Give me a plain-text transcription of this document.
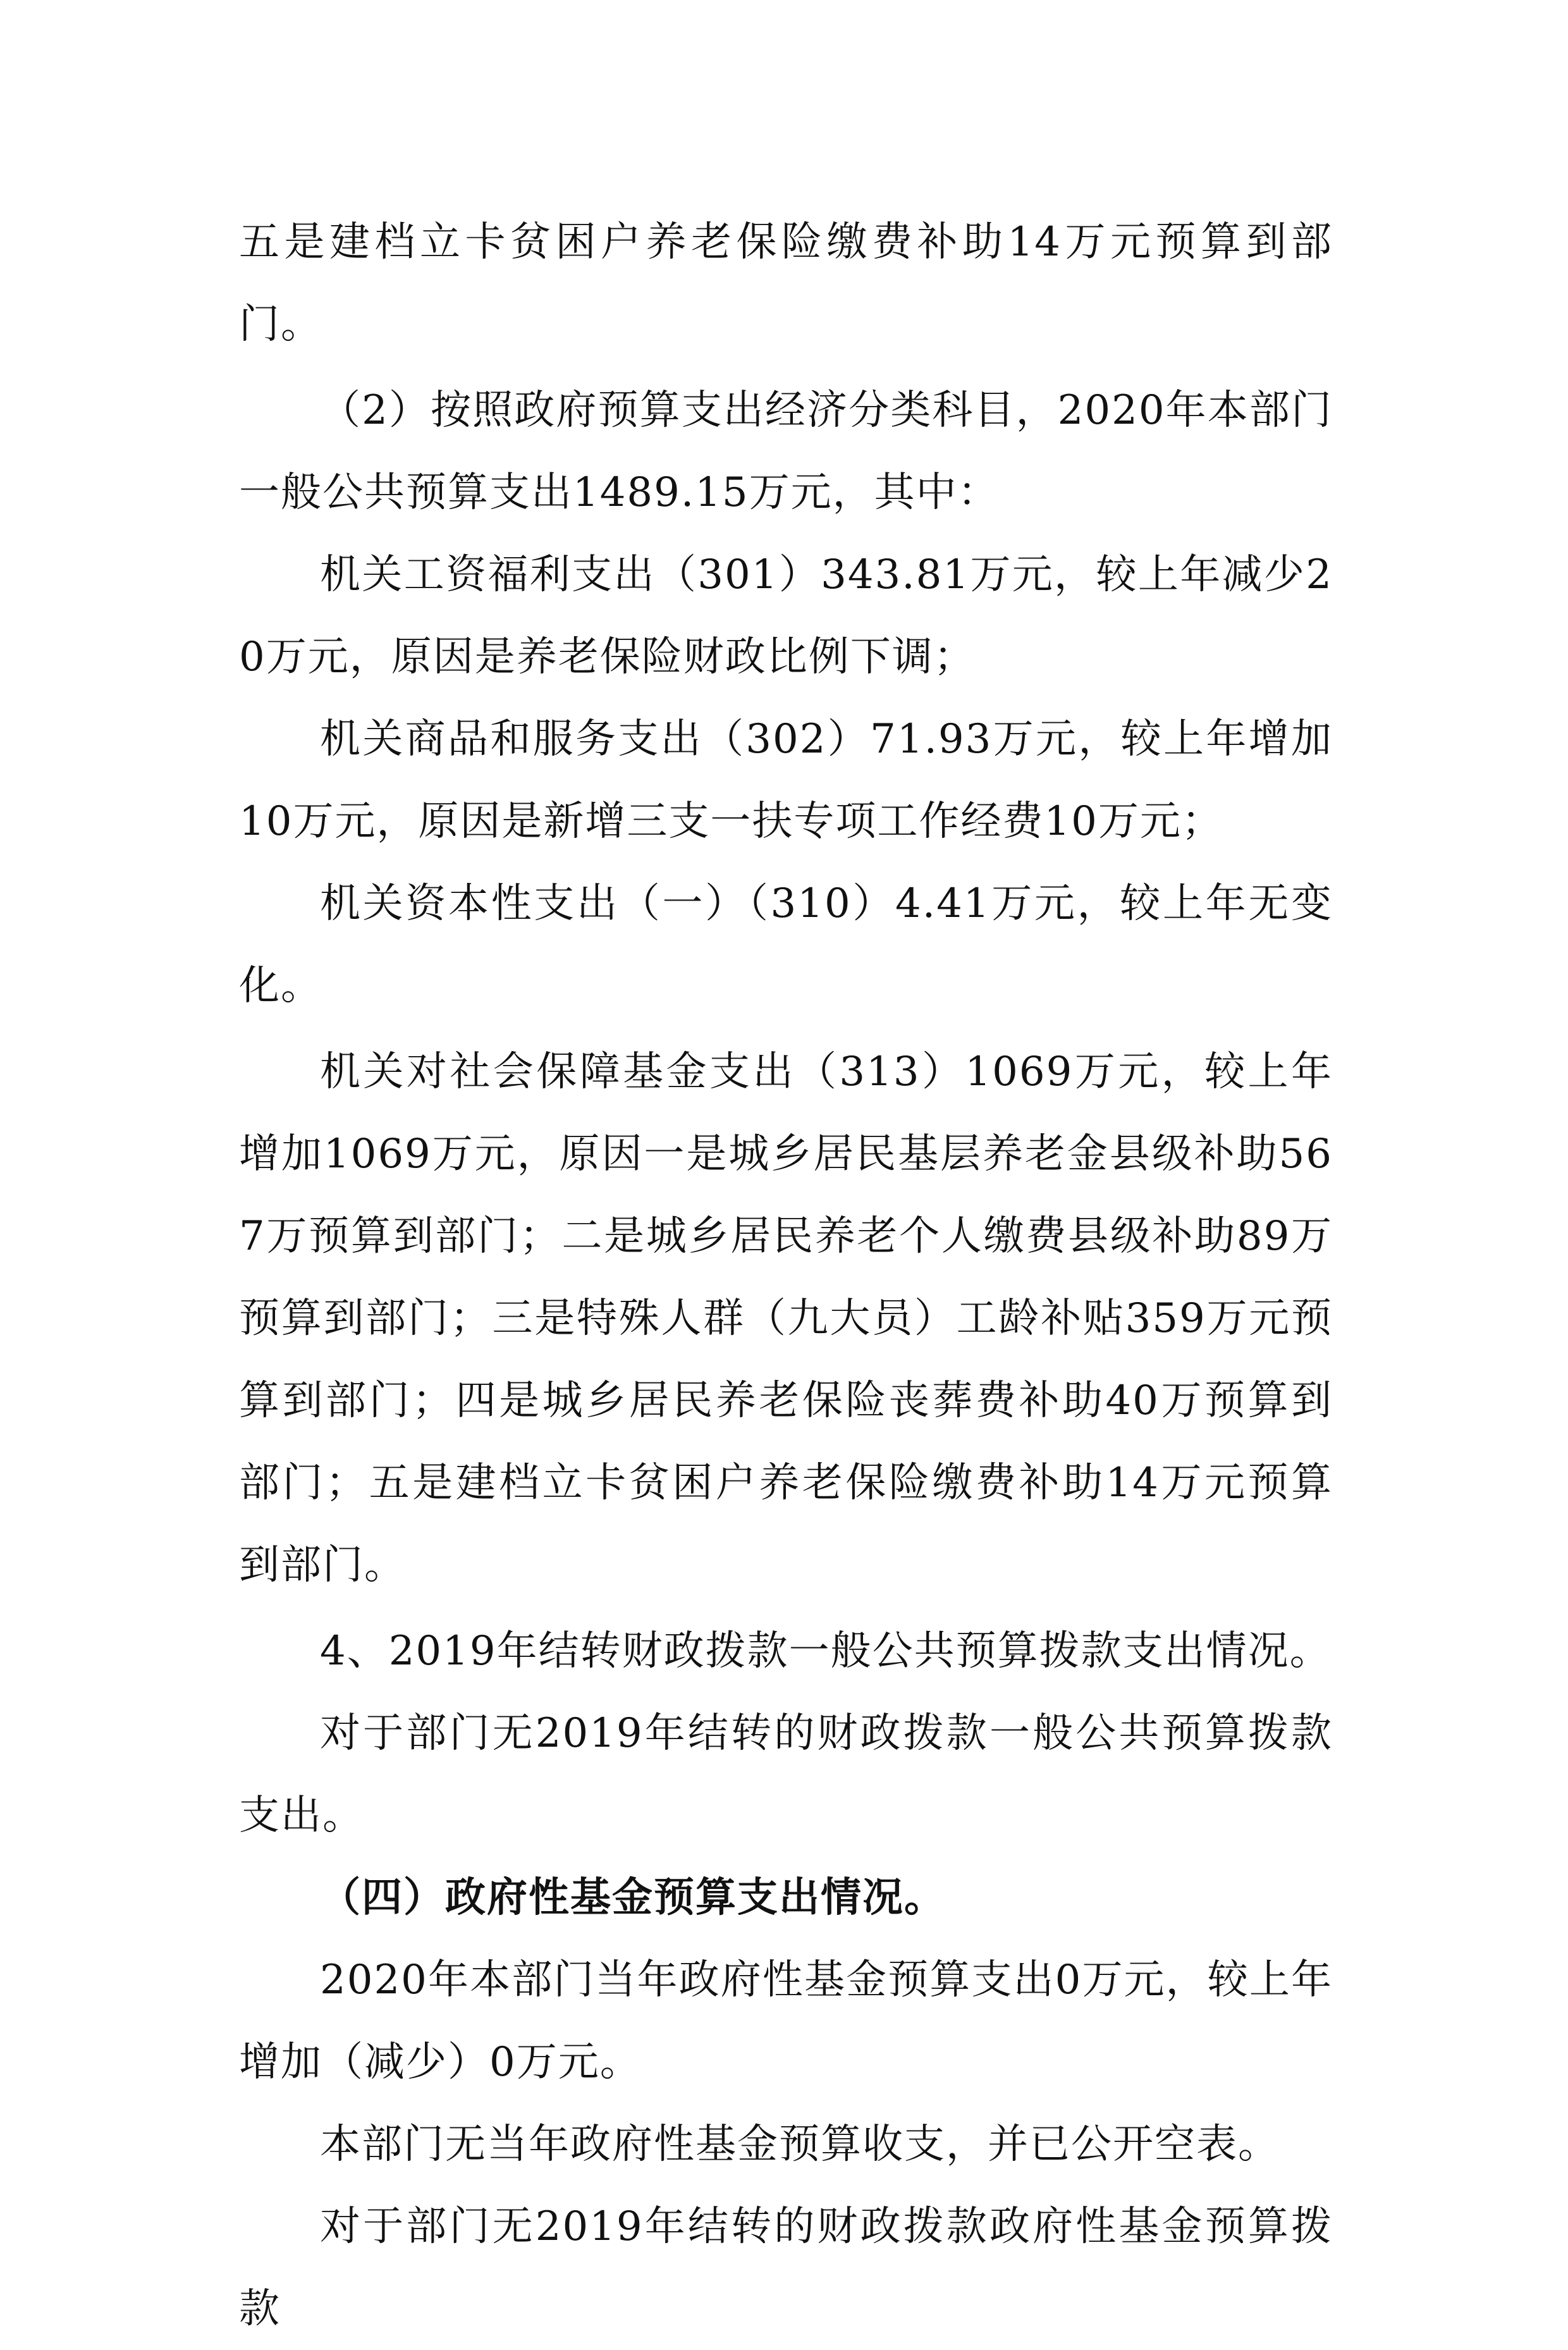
五是建档立卡贫困户养老保险缴费补助14万元预算到部门。

（2）按照政府预算支出经济分类科目，2020年本部门一般公共预算支出1489.15万元，其中：

机关工资福利支出（301）343.81万元，较上年减少20万元，原因是养老保险财政比例下调；

机关商品和服务支出（302）71.93万元，较上年增加10万元，原因是新增三支一扶专项工作经费10万元；

机关资本性支出（一）（310）4.41万元，较上年无变化。

机关对社会保障基金支出（313）1069万元，较上年增加1069万元，原因一是城乡居民基层养老金县级补助567万预算到部门；二是城乡居民养老个人缴费县级补助89万预算到部门；三是特殊人群（九大员）工龄补贴359万元预算到部门；四是城乡居民养老保险丧葬费补助40万预算到部门；五是建档立卡贫困户养老保险缴费补助14万元预算到部门。

4、2019年结转财政拨款一般公共预算拨款支出情况。

对于部门无2019年结转的财政拨款一般公共预算拨款支出。

（四）政府性基金预算支出情况。

2020年本部门当年政府性基金预算支出0万元，较上年增加（减少）0万元。

本部门无当年政府性基金预算收支，并已公开空表。

对于部门无2019年结转的财政拨款政府性基金预算拨款
